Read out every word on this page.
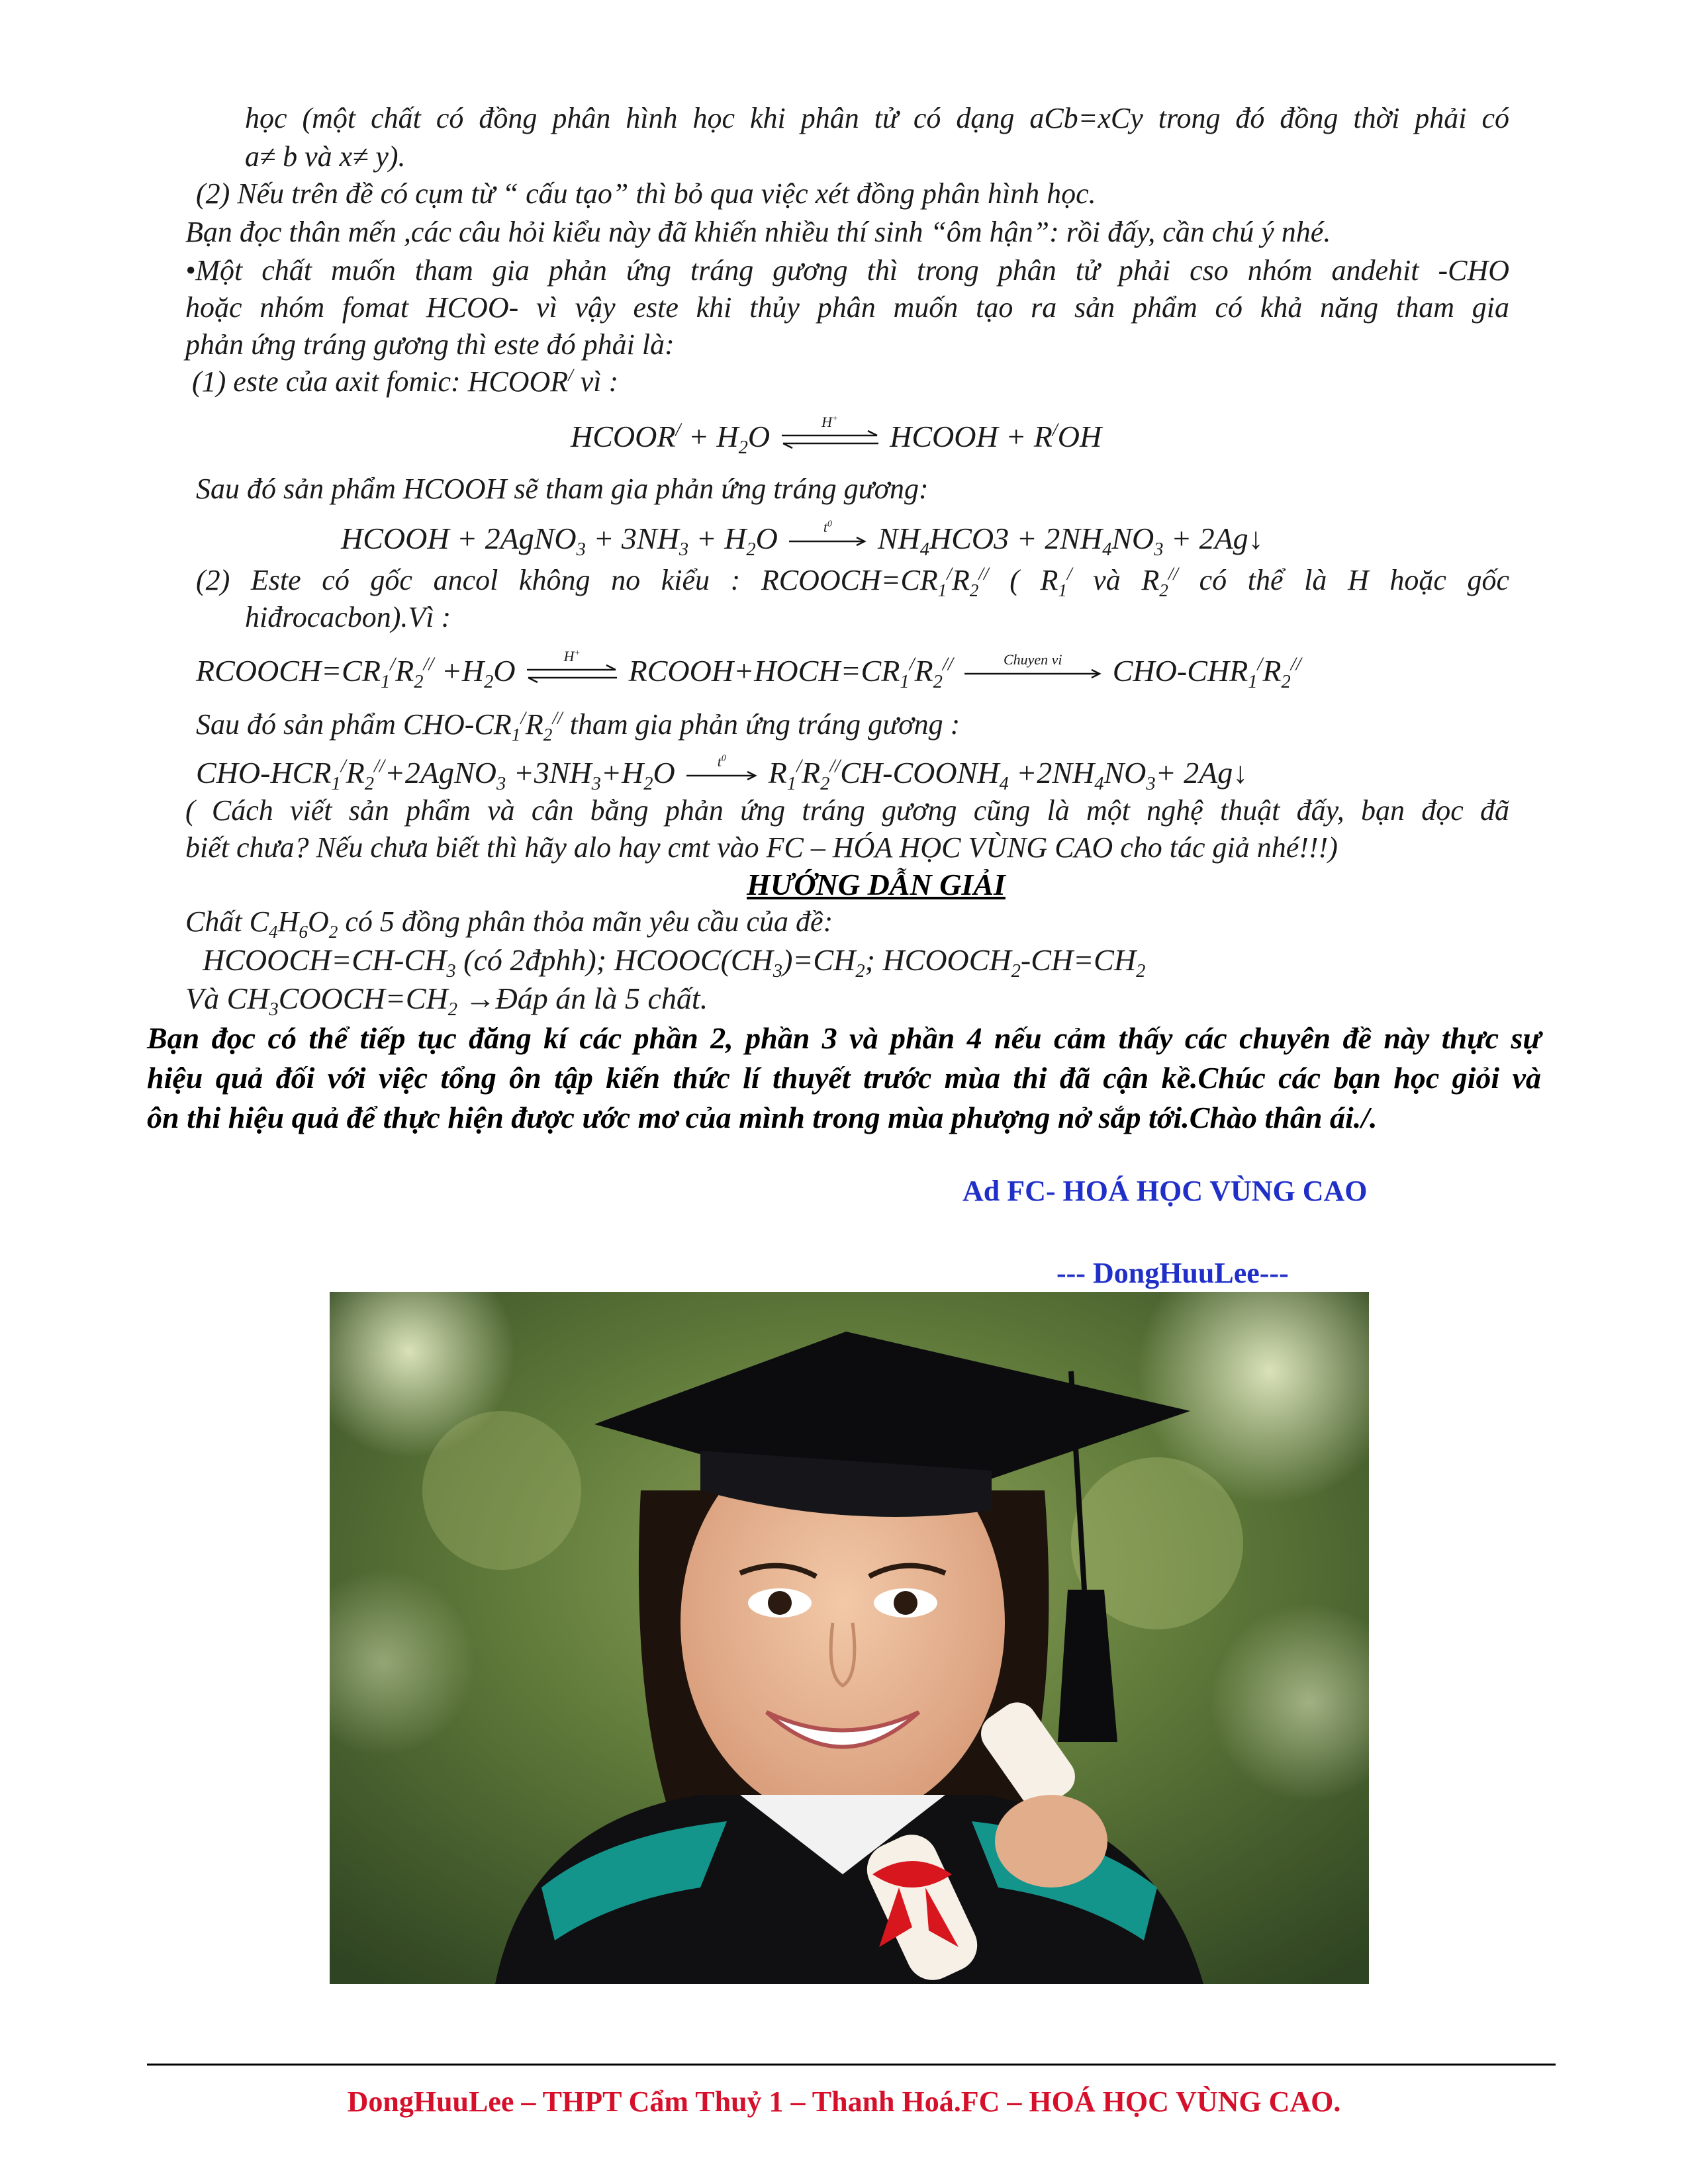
học (một chất có đồng phân hình học khi phân tử có dạng aCb=xCy trong đó đồng thời phải có
a≠ b và x≠ y).
(2) Nếu trên đề có cụm từ “ cấu tạo” thì bỏ qua việc xét đồng phân hình học.
Bạn đọc thân mến ,các câu hỏi kiểu này đã khiến nhiều thí sinh “ôm hận”: rồi đấy, cần chú ý nhé.
•Một chất muốn tham gia phản ứng tráng gương thì trong phân tử phải cso nhóm andehit -CHO
hoặc nhóm fomat HCOO- vì vậy este khi thủy phân muốn tạo ra sản phẩm có khả năng tham gia
phản ứng tráng gương thì este đó phải là:
(1) este của axit fomic: HCOOR/ vì :
HCOOR/ + $H_2O$	H+
HCOOH + R/OH
Sau đó sản phẩm HCOOH sẽ tham gia phản ứng tráng gương:
HCOOH + 2AgNO$_3$ + $3NH_3 + H_2O$	$t^0$	$NH_4HCO3 + 2NH_4NO_3$ + 2Ag↓
(2) Este có gốc ancol không no kiểu : $RCOOCH=CR_1^/R_2^{//}$ ( $R_1^/$ và $R_2^{//}$ có thể là H hoặc gốc
hiđrocacbon).Vì :
$RCOOCH=CR_1^/R_2^{//} +H_2O$	H+
$RCOOH+HOCH=CR_1^/R_2^{//}$	Chuyen vi	CHO-$CHR_1^/R_2^{//}$
Sau đó sản phẩm CHO-$CR_1^/R_2^{//}$ tham gia phản ứng tráng gương :
CHO-$HCR_1^/R_2^{//}+2AgNO_3 +3NH_3+H_2O$	$t^0$	$R_1^/R_2^{//}CH-COONH_4 +2NH_4NO_3+$ 2Ag↓
( Cách viết sản phẩm và cân bằng phản ứng tráng gương cũng là một nghệ thuật đấy, bạn đọc đã
biết chưa? Nếu chưa biết thì hãy alo hay cmt vào FC – HÓA HỌC VÙNG CAO cho tác giả nhé!!!)
HƯỚNG DẪN GIẢI
Chất $C_4H_6O_2$ có 5 đồng phân thỏa mãn yêu cầu của đề:
$HCOOCH=CH-CH_3$ (có 2đphh); $HCOOC(CH_3)=CH_2$; $HCOOCH_2-CH=CH_2$
Và $CH_3COOCH=CH_2$ →Đáp án là 5 chất.
Bạn đọc có thể tiếp tục đăng kí các phần 2, phần 3 và phần 4 nếu cảm thấy các chuyên đề này thực sự
hiệu quả đối với việc tổng ôn tập kiến thức lí thuyết trước mùa thi đã cận kề.Chúc các bạn học giỏi và
ôn thi hiệu quả để thực hiện được ước mơ của mình trong mùa phượng nở sắp tới.Chào thân ái./.
Ad FC- HOÁ HỌC VÙNG CAO
--- DongHuuLee---
DongHuuLee – THPT Cẩm Thuỷ 1 – Thanh Hoá.FC – HOÁ HỌC VÙNG CAO.
